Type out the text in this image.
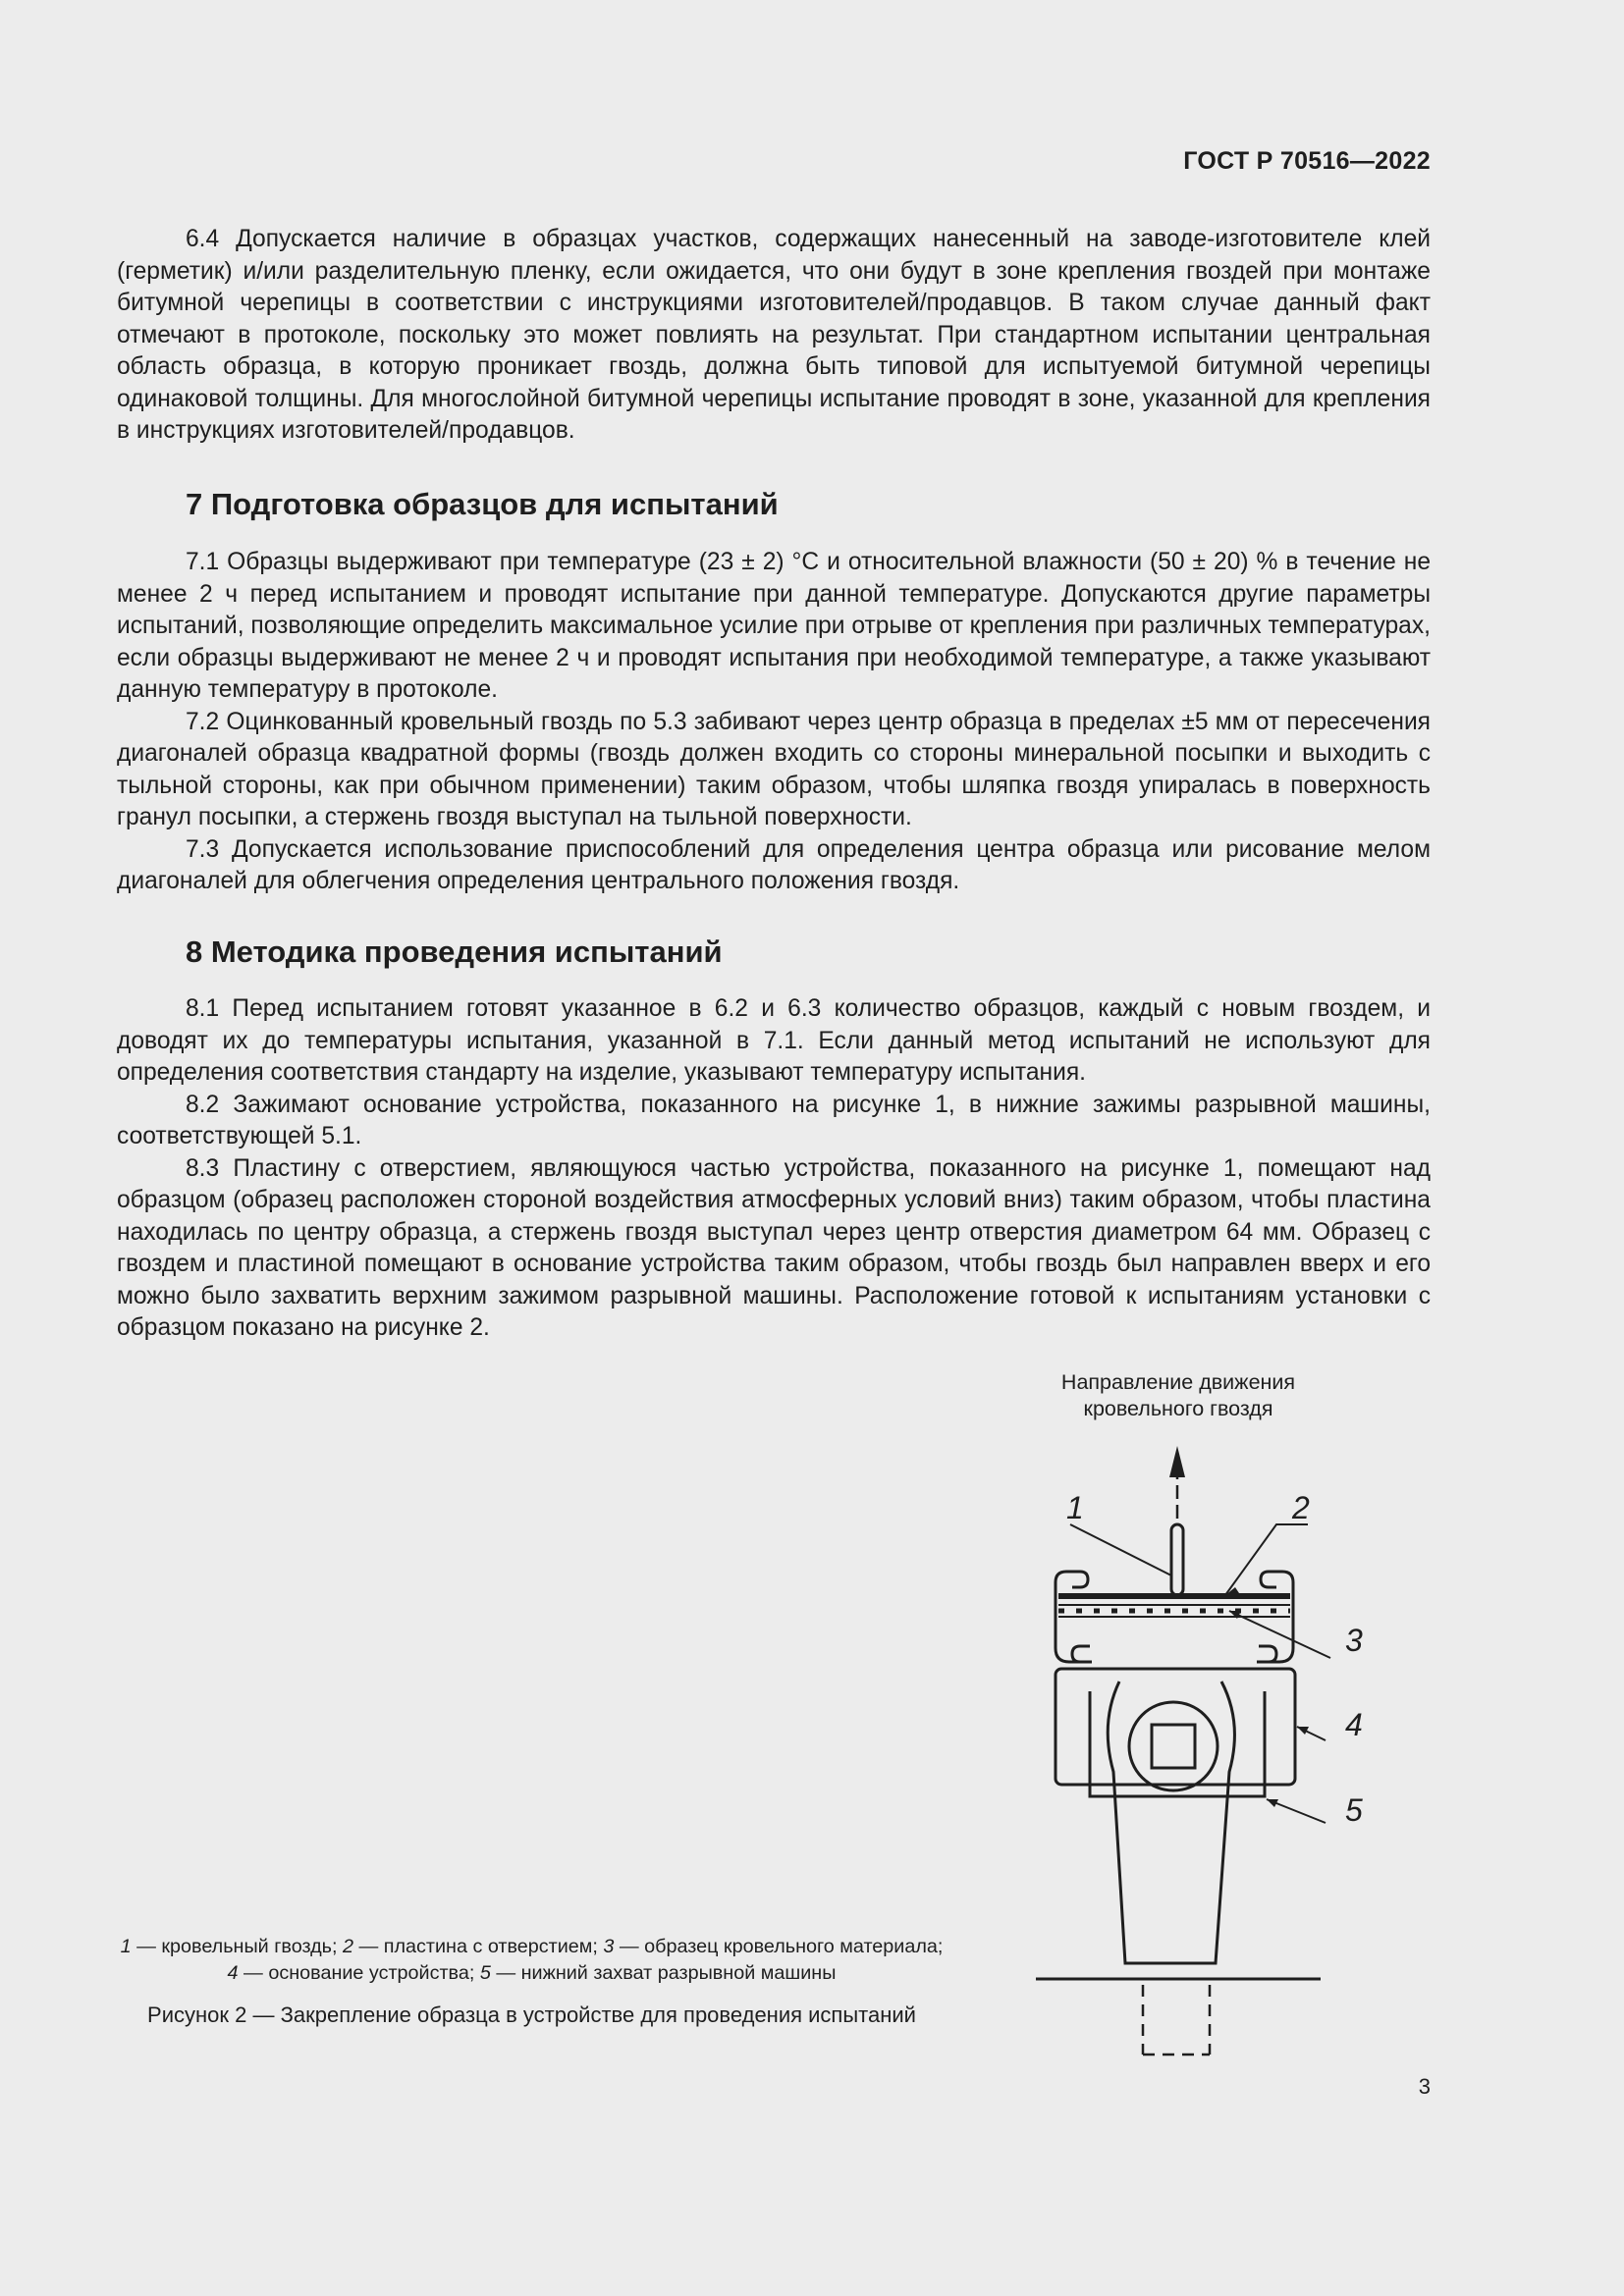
ГОСТ Р 70516—2022

6.4 Допускается наличие в образцах участков, содержащих нанесенный на заводе-изготовителе клей (герметик) и/или разделительную пленку, если ожидается, что они будут в зоне крепления гвоздей при монтаже битумной черепицы в соответствии с инструкциями изготовителей/продавцов. В таком случае данный факт отмечают в протоколе, поскольку это может повлиять на результат. При стандартном испытании центральная область образца, в которую проникает гвоздь, должна быть типовой для испытуемой битумной черепицы одинаковой толщины. Для многослойной битумной черепицы испытание проводят в зоне, указанной для крепления в инструкциях изготовителей/продавцов.

7 Подготовка образцов для испытаний

7.1 Образцы выдерживают при температуре (23 ± 2) °С и относительной влажности (50 ± 20) % в течение не менее 2 ч перед испытанием и проводят испытание при данной температуре. Допускаются другие параметры испытаний, позволяющие определить максимальное усилие при отрыве от крепления при различных температурах, если образцы выдерживают не менее 2 ч и проводят испытания при необходимой температуре, а также указывают данную температуру в протоколе.

7.2 Оцинкованный кровельный гвоздь по 5.3 забивают через центр образца в пределах ±5 мм от пересечения диагоналей образца квадратной формы (гвоздь должен входить со стороны минеральной посыпки и выходить с тыльной стороны, как при обычном применении) таким образом, чтобы шляпка гвоздя упиралась в поверхность гранул посыпки, а стержень гвоздя выступал на тыльной поверхности.

7.3 Допускается использование приспособлений для определения центра образца или рисование мелом диагоналей для облегчения определения центрального положения гвоздя.

8 Методика проведения испытаний

8.1 Перед испытанием готовят указанное в 6.2 и 6.3 количество образцов, каждый с новым гвоздем, и доводят их до температуры испытания, указанной в 7.1. Если данный метод испытаний не используют для определения соответствия стандарту на изделие, указывают температуру испытания.

8.2 Зажимают основание устройства, показанного на рисунке 1, в нижние зажимы разрывной машины, соответствующей 5.1.

8.3 Пластину с отверстием, являющуюся частью устройства, показанного на рисунке 1, помещают над образцом (образец расположен стороной воздействия атмосферных условий вниз) таким образом, чтобы пластина находилась по центру образца, а стержень гвоздя выступал через центр отверстия диаметром 64 мм. Образец с гвоздем и пластиной помещают в основание устройства таким образом, чтобы гвоздь был направлен вверх и его можно было захватить верхним зажимом разрывной машины. Расположение готовой к испытаниям установки с образцом показано на рисунке 2.

Направление движения
кровельного гвоздя
1	2
3
4
5
1 — кровельный гвоздь; 2 — пластина с отверстием; 3 — образец кровельного материала; 4 — основание устройства; 5 — нижний захват разрывной машины
Рисунок 2 — Закрепление образца в устройстве для проведения испытаний
3
